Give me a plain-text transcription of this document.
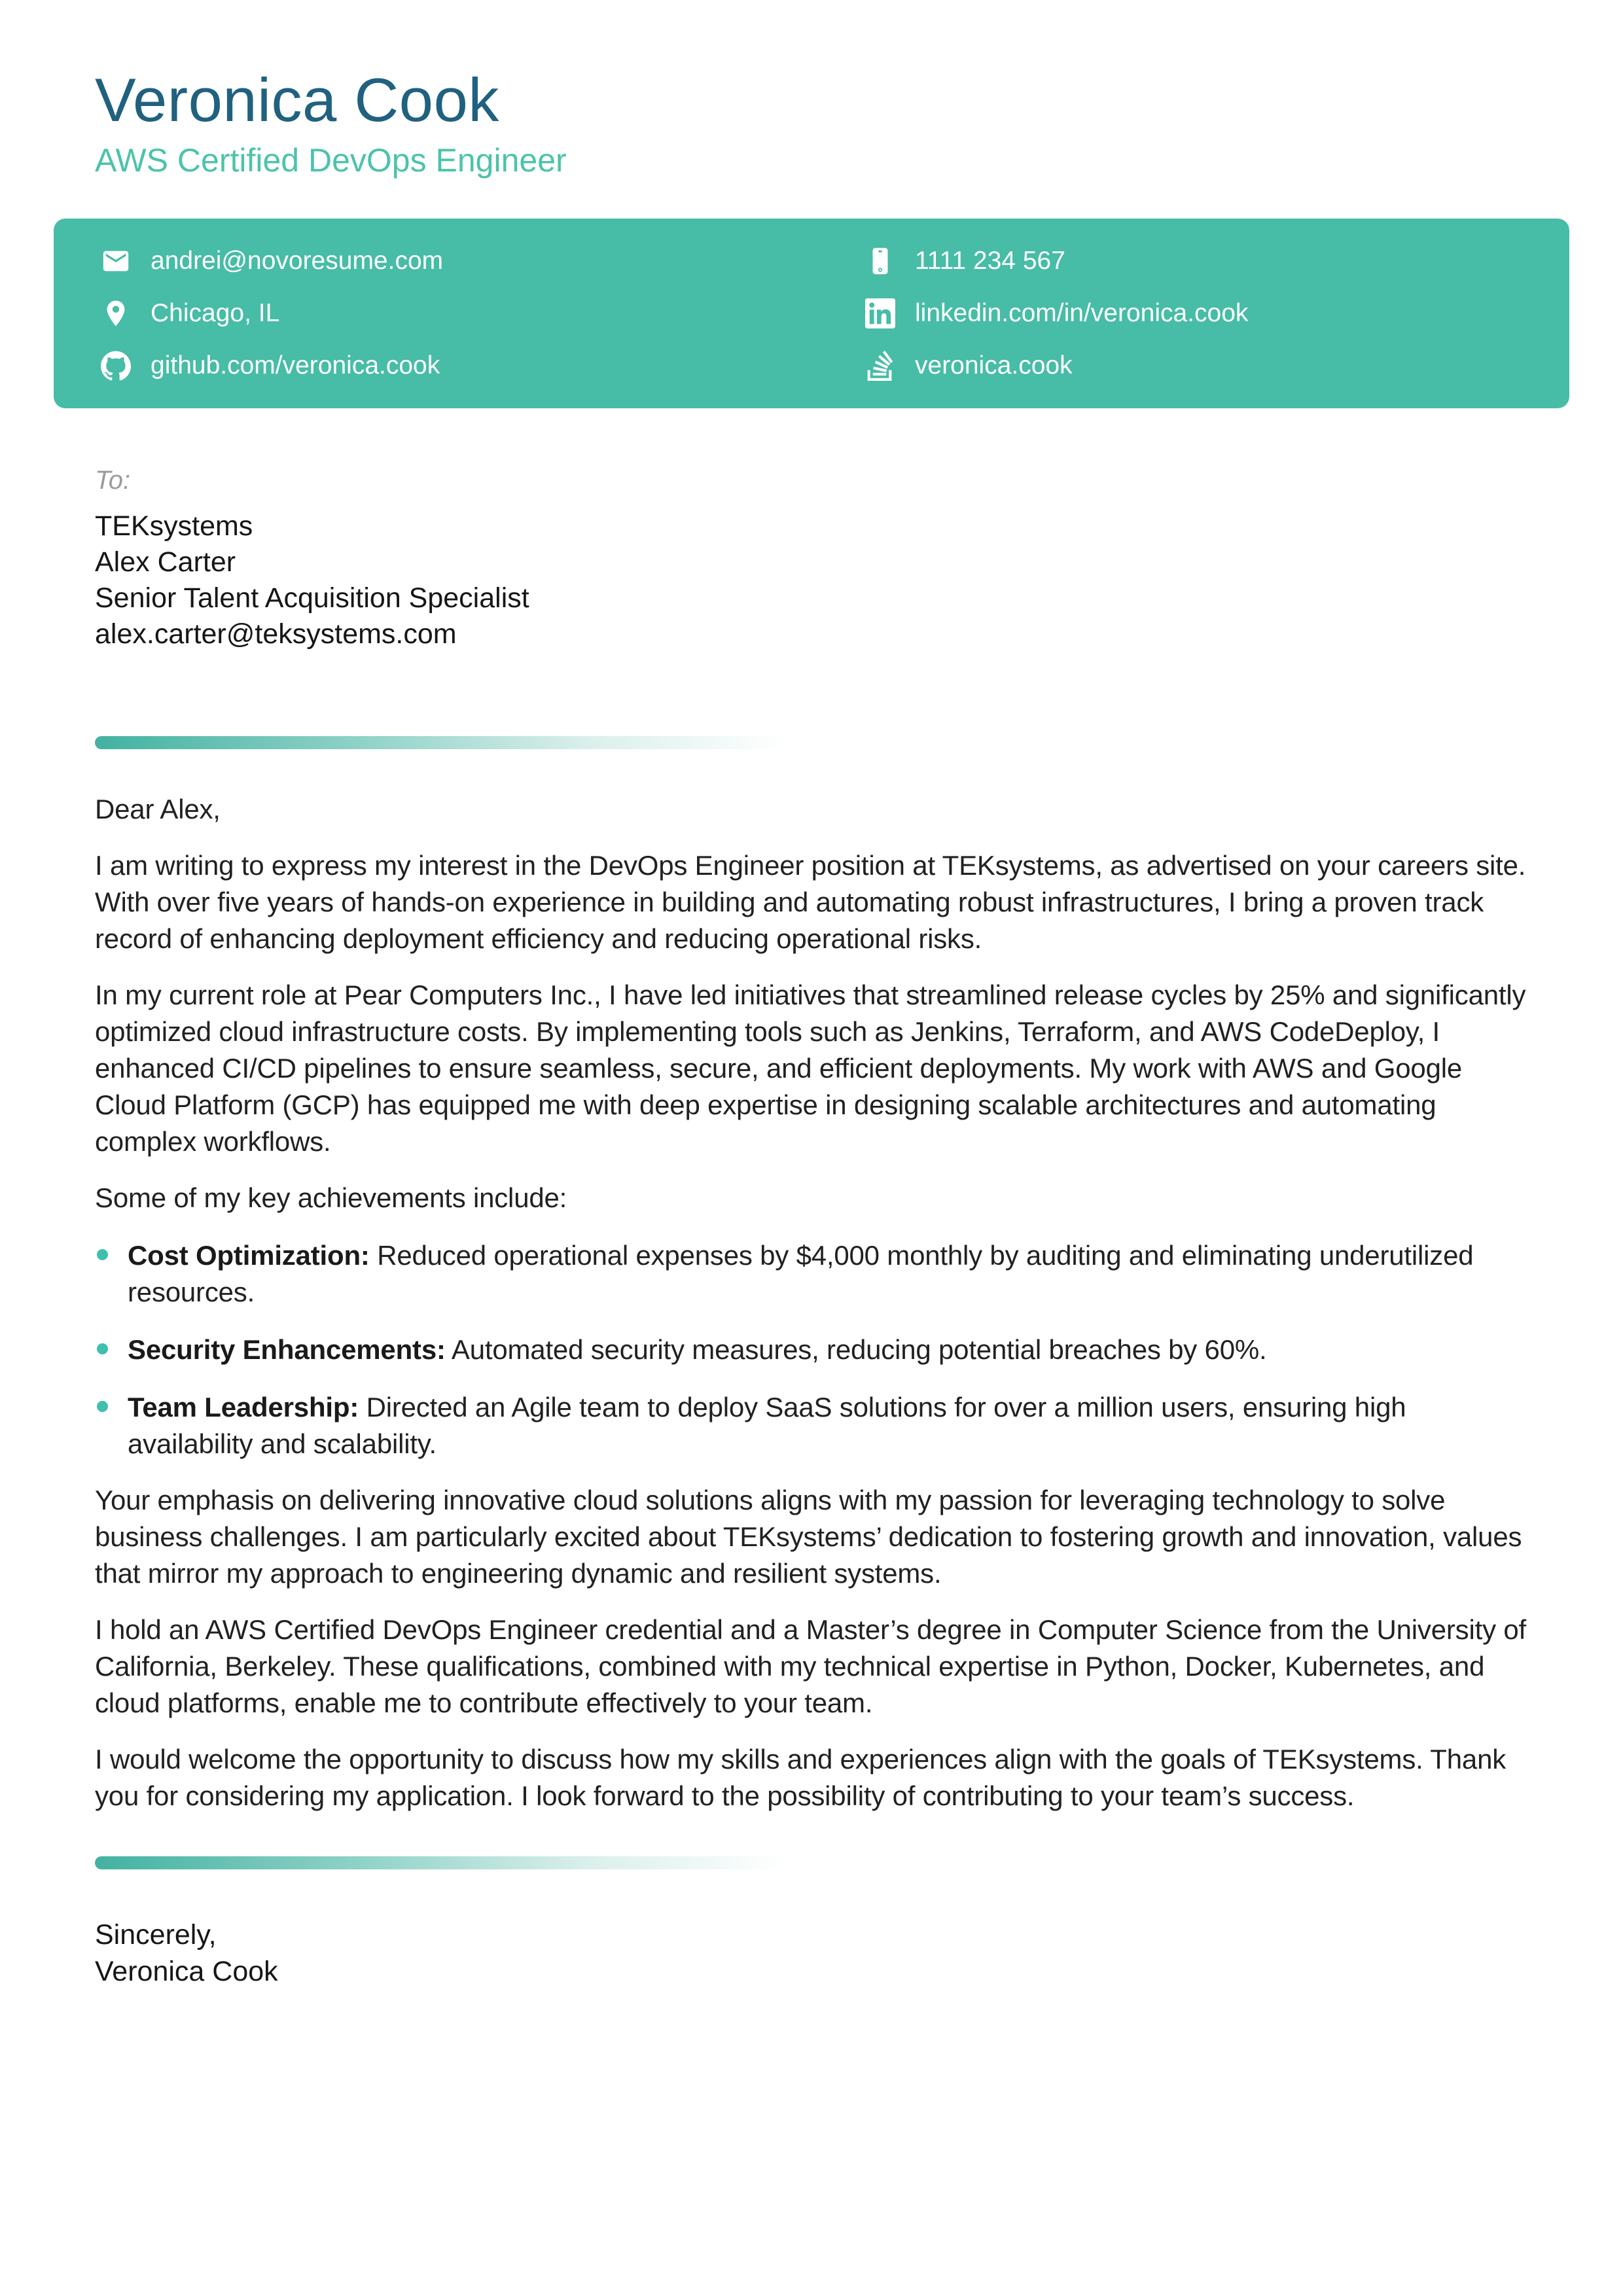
Veronica Cook
AWS Certified DevOps Engineer
andrei@novoresume.com	1111 234 567
Chicago, IL	linkedin.com/in/veronica.cook
github.com/veronica.cook	veronica.cook
To:
TEKsystems
Alex Carter
Senior Talent Acquisition Specialist
alex.carter@teksystems.com
Dear Alex,

I am writing to express my interest in the DevOps Engineer position at TEKsystems, as advertised on your careers site. With over five years of hands-on experience in building and automating robust infrastructures, I bring a proven track record of enhancing deployment efficiency and reducing operational risks.

In my current role at Pear Computers Inc., I have led initiatives that streamlined release cycles by 25% and significantly optimized cloud infrastructure costs. By implementing tools such as Jenkins, Terraform, and AWS CodeDeploy, I enhanced CI/CD pipelines to ensure seamless, secure, and efficient deployments. My work with AWS and Google Cloud Platform (GCP) has equipped me with deep expertise in designing scalable architectures and automating complex workflows.

Some of my key achievements include:

Cost Optimization: Reduced operational expenses by $4,000 monthly by auditing and eliminating underutilized resources.
Security Enhancements: Automated security measures, reducing potential breaches by 60%.
Team Leadership: Directed an Agile team to deploy SaaS solutions for over a million users, ensuring high availability and scalability.

Your emphasis on delivering innovative cloud solutions aligns with my passion for leveraging technology to solve business challenges. I am particularly excited about TEKsystems’ dedication to fostering growth and innovation, values that mirror my approach to engineering dynamic and resilient systems.

I hold an AWS Certified DevOps Engineer credential and a Master’s degree in Computer Science from the University of California, Berkeley. These qualifications, combined with my technical expertise in Python, Docker, Kubernetes, and cloud platforms, enable me to contribute effectively to your team.

I would welcome the opportunity to discuss how my skills and experiences align with the goals of TEKsystems. Thank you for considering my application. I look forward to the possibility of contributing to your team’s success.

Sincerely,
Veronica Cook
